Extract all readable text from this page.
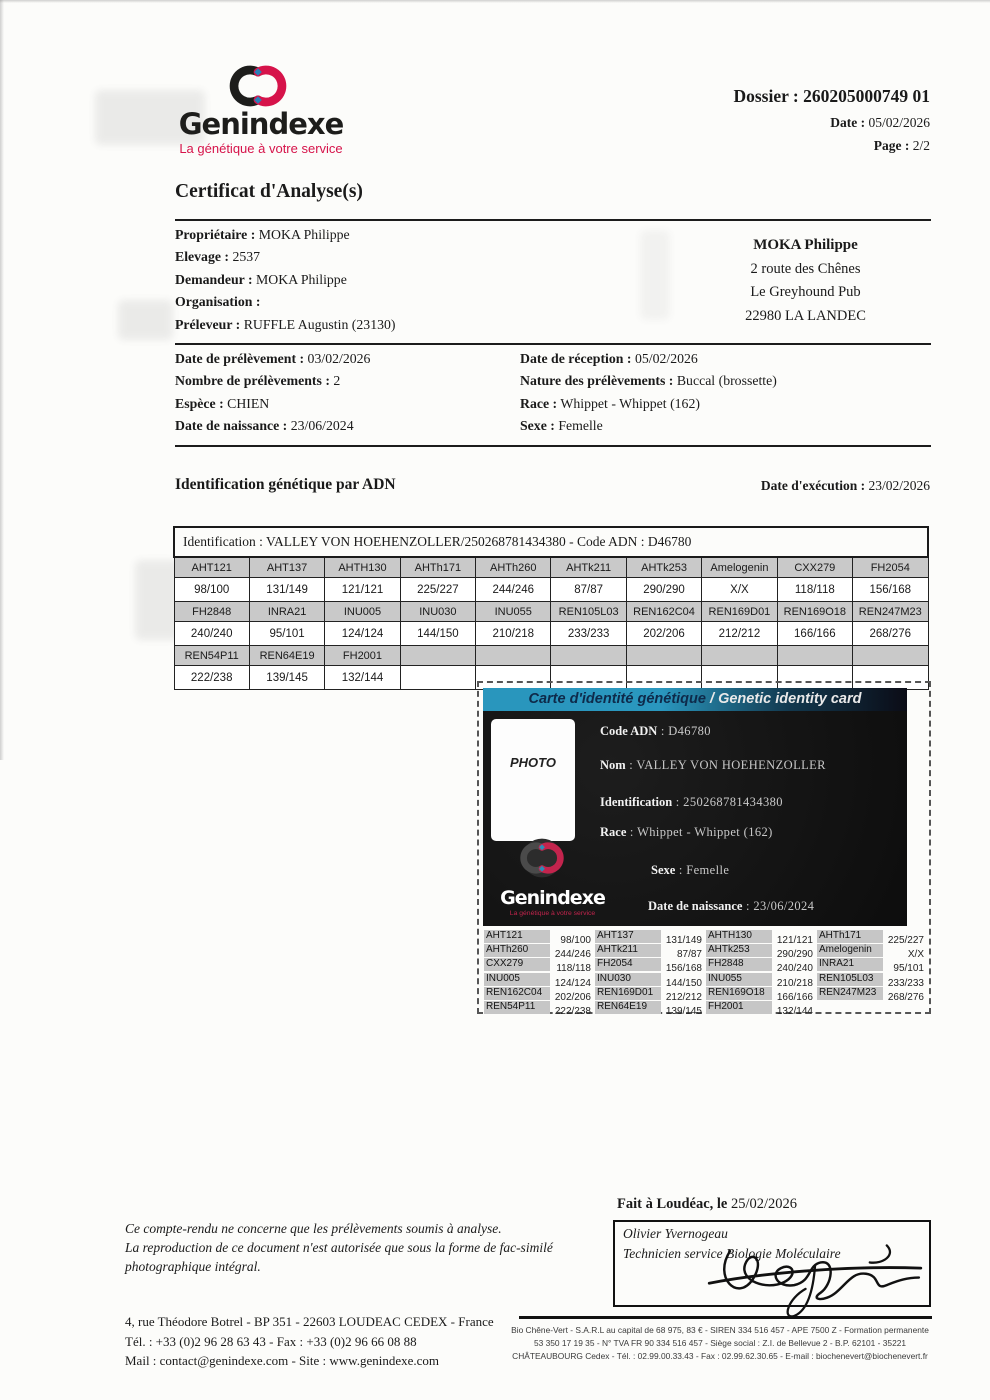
Genindexe
La génétique à votre service
Dossier : 260205000749 01
Date : 05/02/2026
Page : 2/2
Certificat d'Analyse(s)
Propriétaire : MOKA Philippe
Elevage : 2537
Demandeur : MOKA Philippe
Organisation :
Préleveur : RUFFLE Augustin (23130)
MOKA Philippe
2 route des Chênes
Le Greyhound Pub
22980 LA LANDEC
Date de prélèvement : 03/02/2026
Nombre de prélèvements : 2
Espèce : CHIEN
Date de naissance : 23/06/2024
Date de réception : 05/02/2026
Nature des prélèvements : Buccal (brossette)
Race : Whippet - Whippet (162)
Sexe : Femelle
Identification génétique par ADN	Date d'exécution : 23/02/2026
Identification : VALLEY VON HOEHENZOLLER/250268781434380 - Code ADN : D46780									
AHT121	AHT137	AHTH130	AHTh171	AHTh260	AHTk211	AHTk253	Amelogenin	CXX279	FH2054
98/100	131/149	121/121	225/227	244/246	87/87	290/290	X/X	118/118	156/168
FH2848	INRA21	INU005	INU030	INU055	REN105L03	REN162C04	REN169D01	REN169O18	REN247M23
240/240	95/101	124/124	144/150	210/218	233/233	202/206	212/212	166/166	268/276
REN54P11	REN64E19	FH2001							
222/238	139/145	132/144							
Carte d'identité génétique / Genetic identity card
PHOTO
Code ADN : D46780
Nom : VALLEY VON HOEHENZOLLER
Identification : 250268781434380
Race : Whippet - Whippet (162)
Sexe : Femelle
Date de naissance : 23/06/2024
Genindexe
La génétique à votre service
AHT121	98/100 AHT137	131/149 AHTH130 121/121 AHTh171	225/227
AHTh260	244/246 AHTk211	87/87 AHTk253	290/290 Amelogenin	X/X
CXX279	118/118 FH2054	156/168 FH2848	240/240 INRA21	95/101
INU005	124/124 INU030	144/150 INU055	210/218 REN105L03 233/233
REN162C04 202/206 REN169D01 212/212 REN169O18 166/166 REN247M23 268/276
REN54P11 222/238 REN64E19 139/145 FH2001	132/144
Fait à Loudéac, le 25/02/2026
Olivier Yvernogeau
Technicien service Biologie Moléculaire
Ce compte-rendu ne concerne que les prélèvements soumis à analyse.
La reproduction de ce document n'est autorisée que sous la forme de fac-similé
photographique intégral.
4, rue Théodore Botrel - BP 351 - 22603 LOUDEAC CEDEX - France
Tél. : +33 (0)2 96 28 63 43 - Fax : +33 (0)2 96 66 08 88
Mail : contact@genindexe.com - Site : www.genindexe.com
Bio Chêne-Vert - S.A.R.L au capital de 68 975, 83 € - SIREN 334 516 457 - APE 7500 Z - Formation permanente
53 350 17 19 35 - N° TVA FR 90 334 516 457 - Siège social : Z.I. de Bellevue 2 - B.P. 62101 - 35221
CHÂTEAUBOURG Cedex - Tél. : 02.99.00.33.43 - Fax : 02.99.62.30.65 - E-mail : biochenevert@biochenevert.fr
